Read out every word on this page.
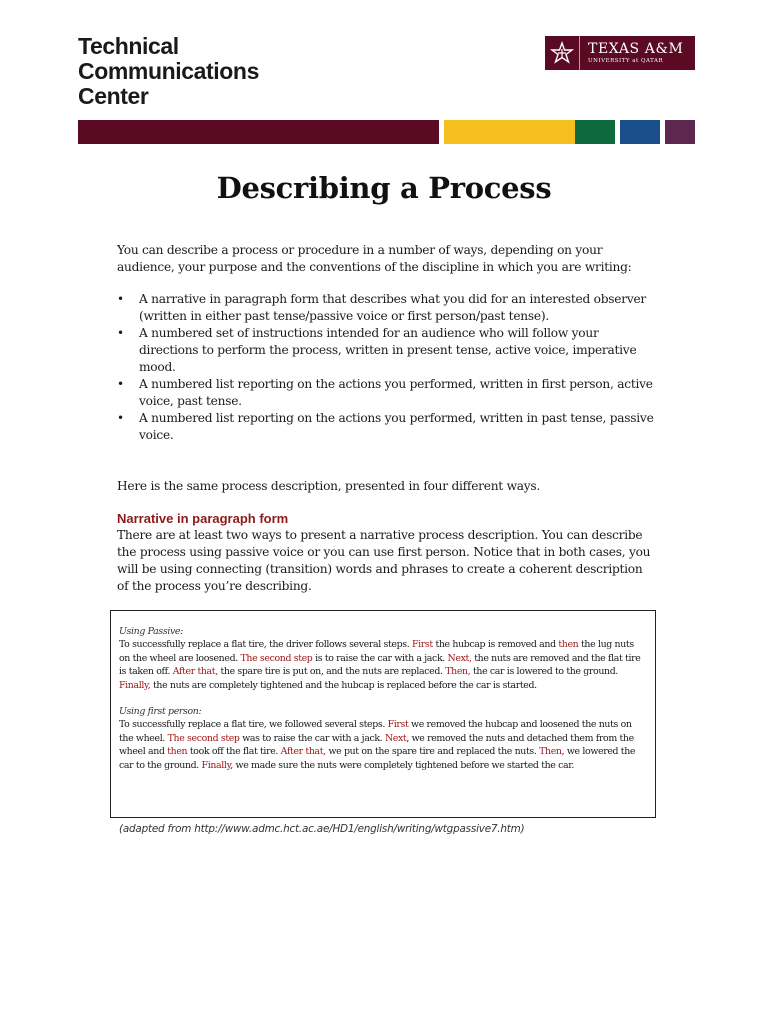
Technical
Communications
Center
TEXAS A&M
UNIVERSITY at QATAR
Describing a Process

You can describe a process or procedure in a number of ways, depending on your audience, your purpose and the conventions of the discipline in which you are writing:

• A narrative in paragraph form that describes what you did for an interested observer (written in either past tense/passive voice or first person/past tense).
• A numbered set of instructions intended for an audience who will follow your directions to perform the process, written in present tense, active voice, imperative mood.
• A numbered list reporting on the actions you performed, written in first person, active voice, past tense.
• A numbered list reporting on the actions you performed, written in past tense, passive voice.

Here is the same process description, presented in four different ways.

Narrative in paragraph form

There are at least two ways to present a narrative process description. You can describe the process using passive voice or you can use first person. Notice that in both cases, you will be using connecting (transition) words and phrases to create a coherent description of the process you’re describing.

Using Passive:

To successfully replace a flat tire, the driver follows several steps. First the hubcap is removed and then the lug nuts on the wheel are loosened. The second step is to raise the car with a jack. Next, the nuts are removed and the flat tire is taken off. After that, the spare tire is put on, and the nuts are replaced. Then, the car is lowered to the ground. Finally, the nuts are completely tightened and the hubcap is replaced before the car is started.

Using first person:

To successfully replace a flat tire, we followed several steps. First we removed the hubcap and loosened the nuts on the wheel. The second step was to raise the car with a jack. Next, we removed the nuts and detached them from the wheel and then took off the flat tire. After that, we put on the spare tire and replaced the nuts. Then, we lowered the car to the ground. Finally, we made sure the nuts were completely tightened before we started the car.

(adapted from http://www.admc.hct.ac.ae/HD1/english/writing/wtgpassive7.htm)
